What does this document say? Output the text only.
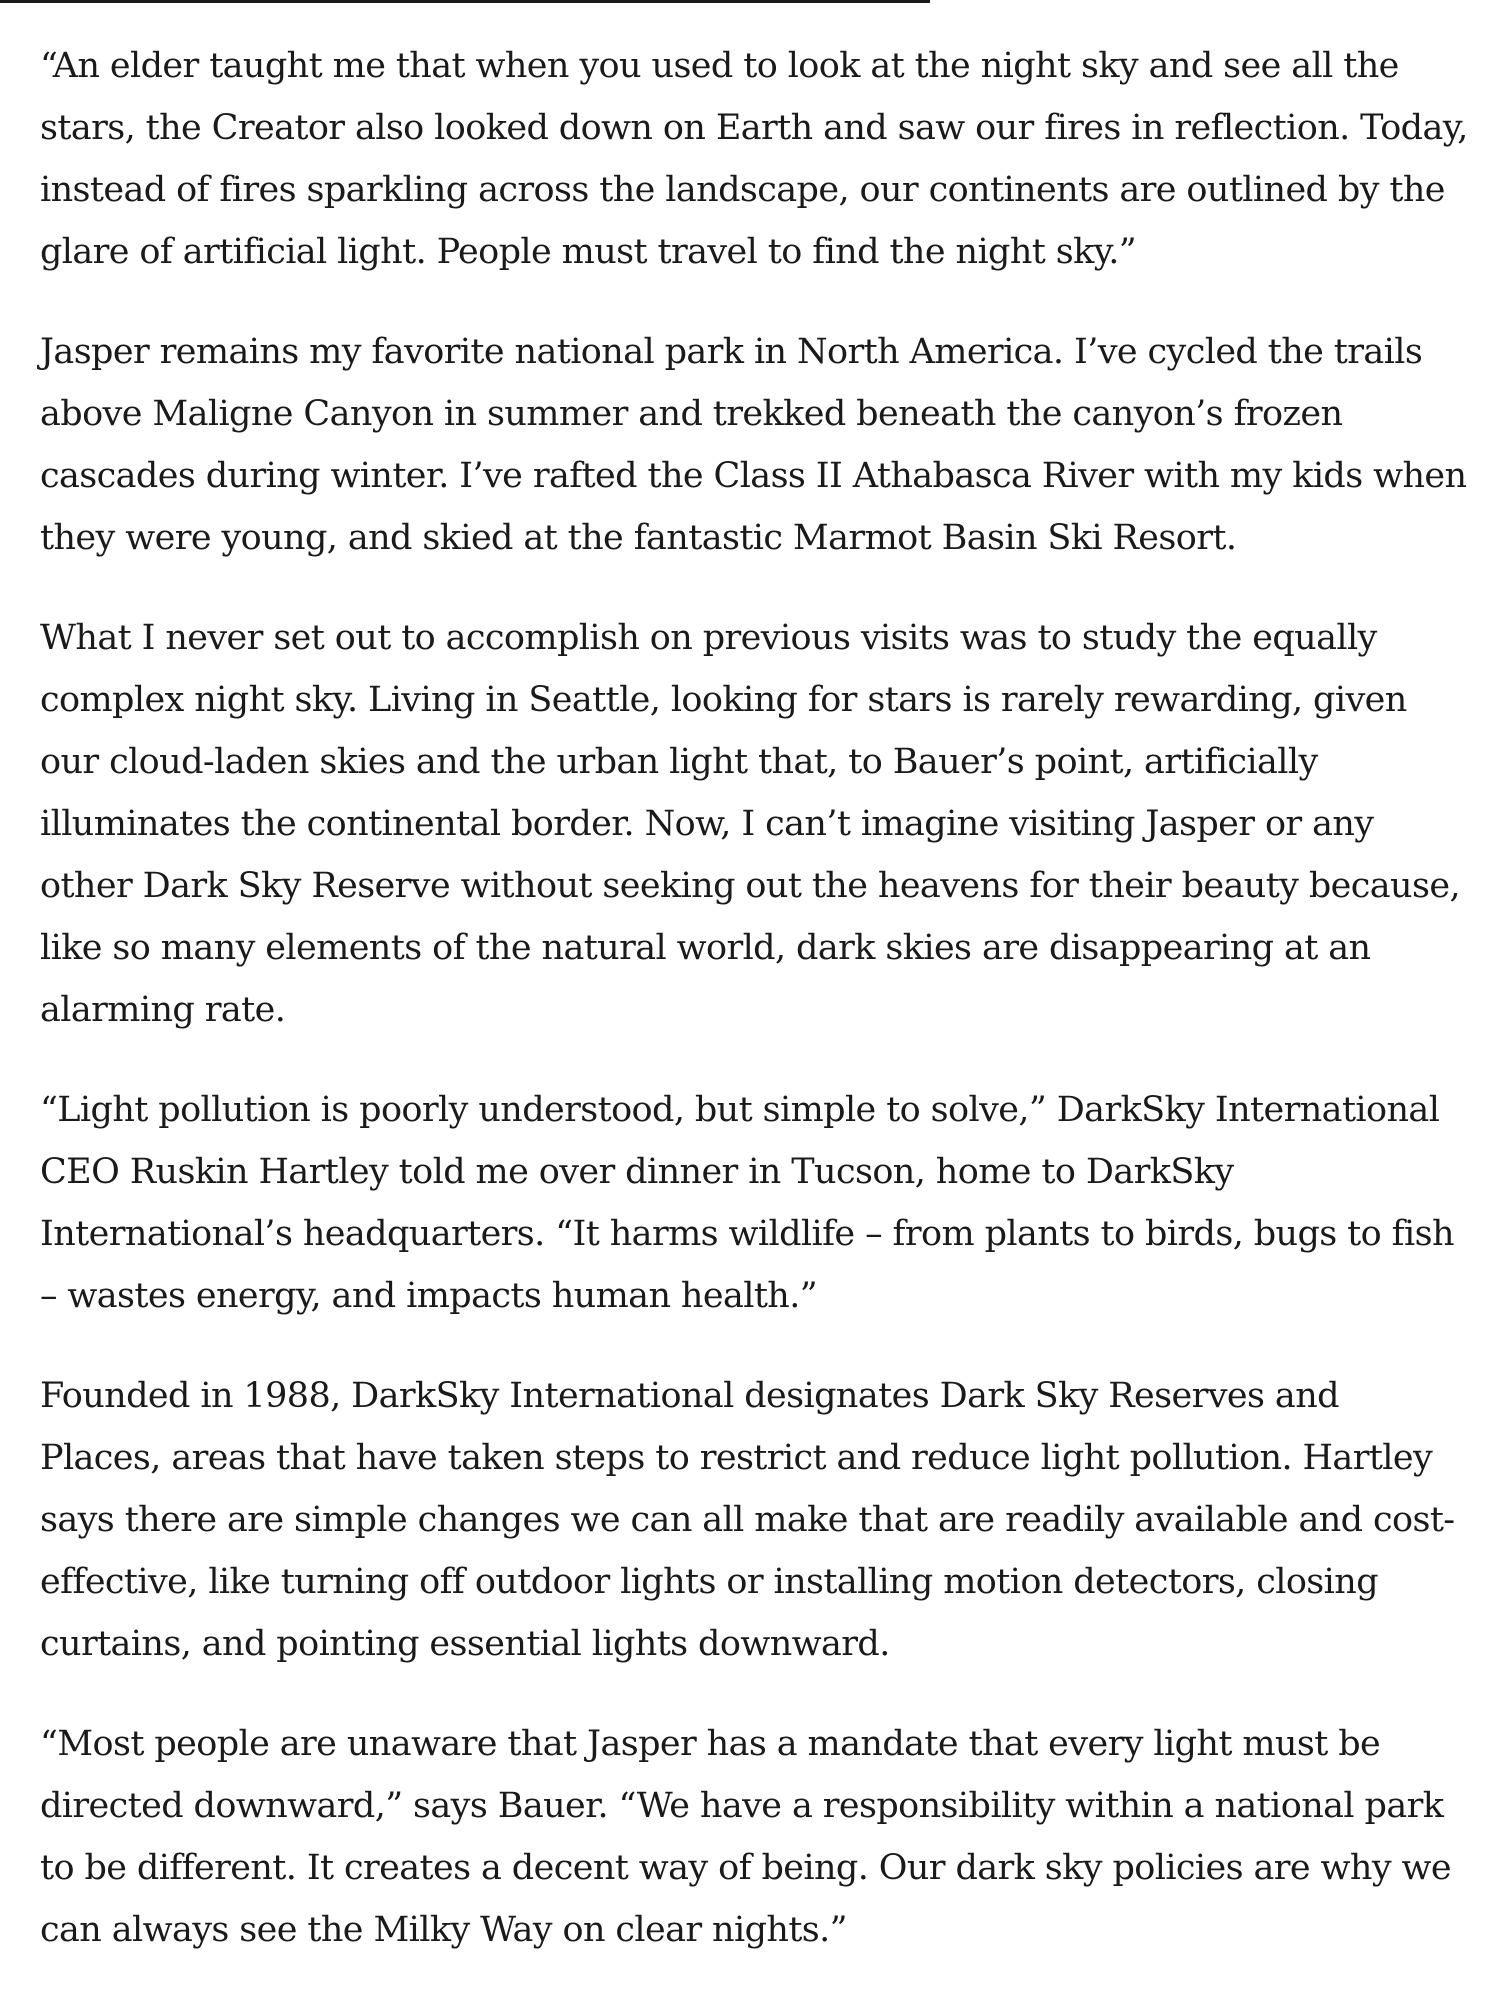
“An elder taught me that when you used to look at the night sky and see all the stars, the Creator also looked down on Earth and saw our fires in reflection. Today, instead of fires sparkling across the landscape, our continents are outlined by the glare of artificial light. People must travel to find the night sky.”

Jasper remains my favorite national park in North America. I’ve cycled the trails above Maligne Canyon in summer and trekked beneath the canyon’s frozen cascades during winter. I’ve rafted the Class II Athabasca River with my kids when they were young, and skied at the fantastic Marmot Basin Ski Resort.

What I never set out to accomplish on previous visits was to study the equally complex night sky. Living in Seattle, looking for stars is rarely rewarding, given our cloud-laden skies and the urban light that, to Bauer’s point, artificially illuminates the continental border. Now, I can’t imagine visiting Jasper or any other Dark Sky Reserve without seeking out the heavens for their beauty because, like so many elements of the natural world, dark skies are disappearing at an alarming rate.

“Light pollution is poorly understood, but simple to solve,” DarkSky International CEO Ruskin Hartley told me over dinner in Tucson, home to DarkSky International’s headquarters. “It harms wildlife – from plants to birds, bugs to fish – wastes energy, and impacts human health.”

Founded in 1988, DarkSky International designates Dark Sky Reserves and Places, areas that have taken steps to restrict and reduce light pollution. Hartley says there are simple changes we can all make that are readily available and cost-effective, like turning off outdoor lights or installing motion detectors, closing curtains, and pointing essential lights downward.

“Most people are unaware that Jasper has a mandate that every light must be directed downward,” says Bauer. “We have a responsibility within a national park to be different. It creates a decent way of being. Our dark sky policies are why we can always see the Milky Way on clear nights.”
